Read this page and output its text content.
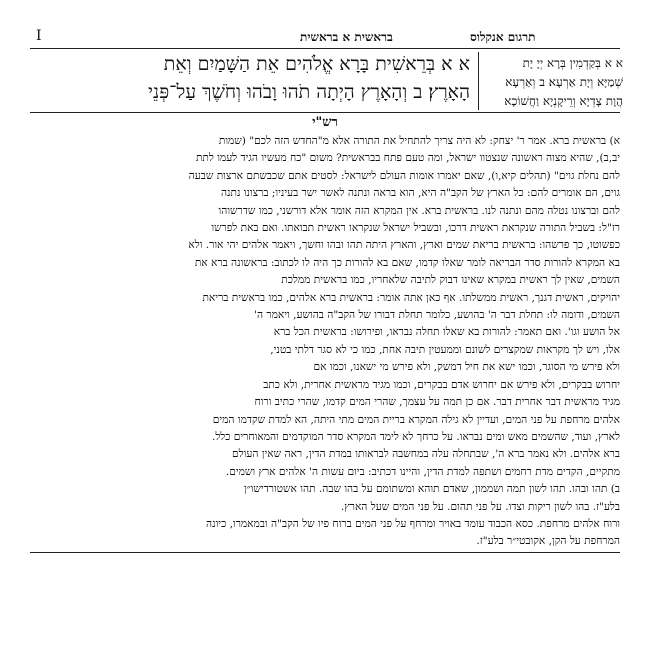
I	בראשית א בראשית	תרגום אנקלוס
א א בְּרֵאשִׁית בָּרָא אֱלֹהִים אֵת הַשָּׁמַיִם וְאֵת
הָאָרֶץ׃ ב וְהָאָרֶץ הָיְתָה תֹהוּ וָבֹהוּ וְחֹשֶׁךְ עַל־פְּנֵי
א א בְּקַדְמִין בְּרָא יְיָ יָת
שְׁמַיָּא וְיָת אַרְעָא׃ ב וְאַרְעָא
הֲוָת צָדְיָא וְרֵיקָנְיָא וַחֲשׁוֹכָא
רש"י
א) בראשית ברא. אמר ר' יצחק: לא היה צריך להתחיל את התורה אלא מ"החדש הזה לכם" (שמות
יב,ב), שהיא מצוה ראשונה שנצטוו ישראל, ומה טעם פתח בבראשית? משום "כח מעשיו הגיד לעמו לתת
להם נחלת גוים" (תהלים קיא,ו), שאם יאמרו אומות העולם לישראל: לסטים אתם שכבשתם ארצות שבעה
גוים, הם אומרים להם: כל הארץ של הקב"ה היא, הוא בראה ונתנה לאשר ישר בעיניו; ברצונו נתנה
להם וברצונו נטלה מהם ונתנה לנו. בראשית ברא. אין המקרא הזה אומר אלא דורשני, כמו שדרשוהו
רז"ל: בשביל התורה שנקראת ראשית דרכו, ובשביל ישראל שנקראו ראשית תבואתו. ואם באת לפרשו
כפשוטו, כך פרשהו: בראשית בריאת שמים וארץ, והארץ היתה תהו ובהו וחשך, ויאמר אלהים יהי אור. ולא
בא המקרא להורות סדר הבריאה לומר שאלו קדמו, שאם בא להורות כך היה לו לכתוב: בראשונה ברא את
השמים, שאין לך ראשית במקרא שאינו דבוק לתיבה שלאחריו, כמו בראשית ממלכת
יהויקים, ראשית דגנך, ראשית ממשלתו. אף כאן אתה אומר: בראשית ברא אלהים, כמו בראשית בריאת
השמים, ודומה לו: תחלת דבר ה' בהושע, כלומר תחלת דבורו של הקב"ה בהושע, ויאמר ה'
אל הושע וגו'. ואם תאמר: להורות בא שאלו תחלה נבראו, ופירושו: בראשית הכל ברא
אלו, ויש לך מקראות שמקצרים לשונם וממעטין תיבה אחת, כמו כי לא סגר דלתי בטני,
ולא פירש מי הסוגר, וכמו ישא את חיל דמשק, ולא פירש מי ישאנו, וכמו אם
יחרוש בבקרים, ולא פירש אם יחרוש אדם בבקרים, וכמו מגיד מראשית אחרית, ולא כתב
מגיד מראשית דבר אחרית דבר. אם כן תמה על עצמך, שהרי המים קדמו, שהרי כתיב ורוח
אלהים מרחפת על פני המים, ועדיין לא גילה המקרא בריית המים מתי היתה, הא למדת שקדמו המים
לארץ, ועוד, שהשמים מאש ומים נבראו. על כרחך לא לימד המקרא סדר המוקדמים והמאוחרים כלל.
ברא אלהים. ולא נאמר ברא ה', שבתחלה עלה במחשבה לבראותו במדת הדין, ראה שאין העולם
מתקיים, הקדים מדת רחמים ושתפה למדת הדין, והיינו דכתיב: ביום עשות ה' אלהים ארץ ושמים.
ב) תהו ובהו. תהו לשון תמה ושממון, שאדם תוהא ומשתומם על בהו שבה. תהו אשטורדישו״ן
בלע"ז. בהו לשון ריקות וצדו. על פני תהום. על פני המים שעל הארץ.
ורוח אלהים מרחפת. כסא הכבוד עומד באויר ומרחף על פני המים ברוח פיו של הקב"ה ובמאמרו, כיונה
המרחפת על הקן, אקובטי״ר בלע"ז.
